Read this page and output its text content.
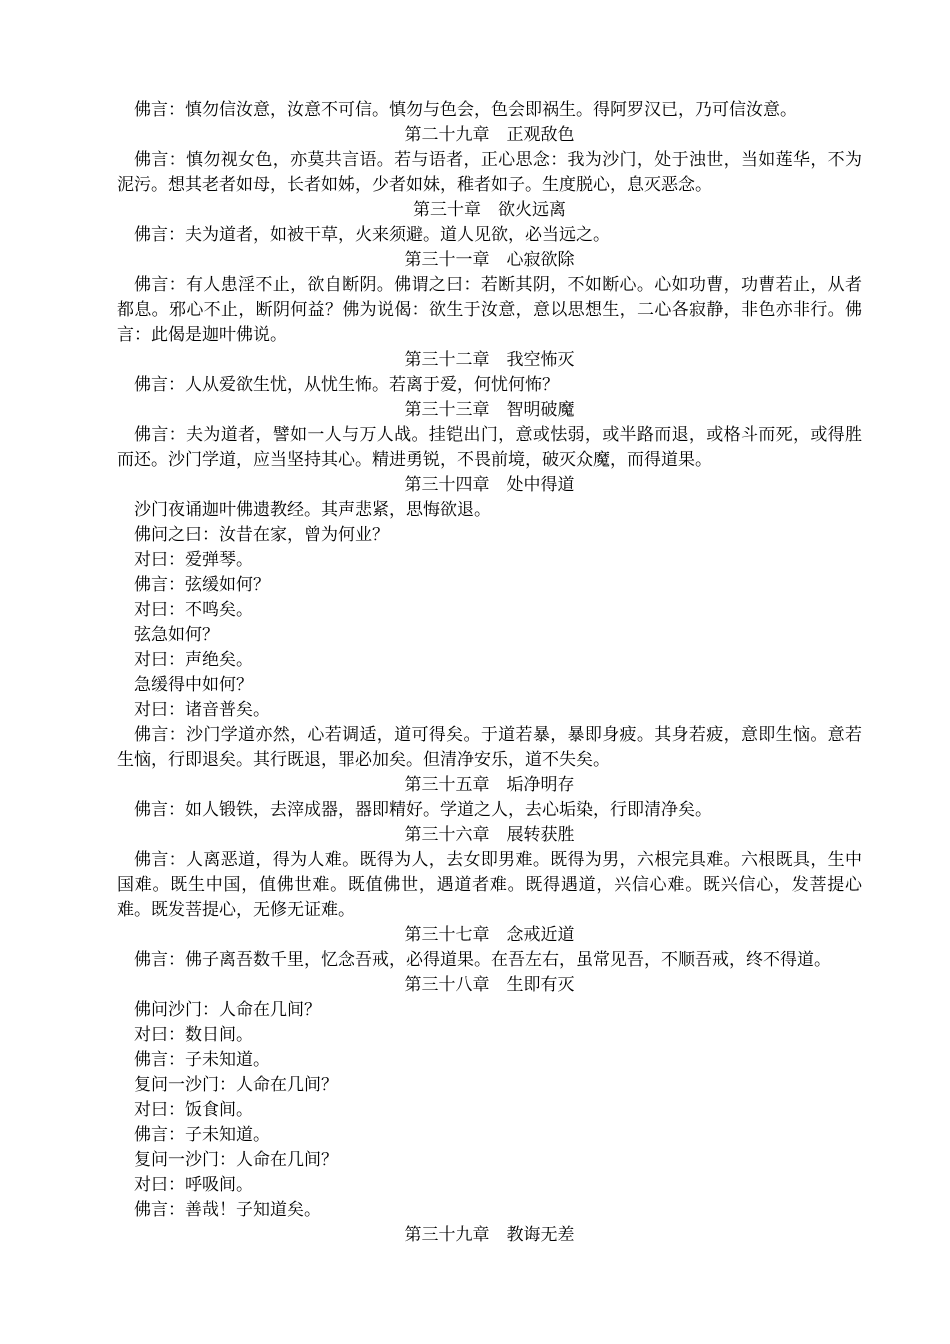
佛言：慎勿信汝意，汝意不可信。慎勿与色会，色会即祸生。得阿罗汉已，乃可信汝意。

第二十九章　正观敌色

佛言：慎勿视女色，亦莫共言语。若与语者，正心思念：我为沙门，处于浊世，当如莲华，不为泥污。想其老者如母，长者如姊，少者如妹，稚者如子。生度脱心，息灭恶念。

第三十章　欲火远离

佛言：夫为道者，如被干草，火来须避。道人见欲，必当远之。

第三十一章　心寂欲除

佛言：有人患淫不止，欲自断阴。佛谓之曰：若断其阴，不如断心。心如功曹，功曹若止，从者都息。邪心不止，断阴何益？佛为说偈：欲生于汝意，意以思想生，二心各寂静，非色亦非行。佛言：此偈是迦叶佛说。

第三十二章　我空怖灭

佛言：人从爱欲生忧，从忧生怖。若离于爱，何忧何怖？

第三十三章　智明破魔

佛言：夫为道者，譬如一人与万人战。挂铠出门，意或怯弱，或半路而退，或格斗而死，或得胜而还。沙门学道，应当坚持其心。精进勇锐，不畏前境，破灭众魔，而得道果。

第三十四章　处中得道

沙门夜诵迦叶佛遗教经。其声悲紧，思悔欲退。

佛问之曰：汝昔在家，曾为何业？

对曰：爱弹琴。

佛言：弦缓如何？

对曰：不鸣矣。

弦急如何？

对曰：声绝矣。

急缓得中如何？

对曰：诸音普矣。

佛言：沙门学道亦然，心若调适，道可得矣。于道若暴，暴即身疲。其身若疲，意即生恼。意若生恼，行即退矣。其行既退，罪必加矣。但清净安乐，道不失矣。

第三十五章　垢净明存

佛言：如人锻铁，去滓成器，器即精好。学道之人，去心垢染，行即清净矣。

第三十六章　展转获胜

佛言：人离恶道，得为人难。既得为人，去女即男难。既得为男，六根完具难。六根既具，生中国难。既生中国，值佛世难。既值佛世，遇道者难。既得遇道，兴信心难。既兴信心，发菩提心难。既发菩提心，无修无证难。

第三十七章　念戒近道

佛言：佛子离吾数千里，忆念吾戒，必得道果。在吾左右，虽常见吾，不顺吾戒，终不得道。

第三十八章　生即有灭

佛问沙门：人命在几间？

对曰：数日间。

佛言：子未知道。

复问一沙门：人命在几间？

对曰：饭食间。

佛言：子未知道。

复问一沙门：人命在几间？

对曰：呼吸间。

佛言：善哉！子知道矣。

第三十九章　教诲无差
